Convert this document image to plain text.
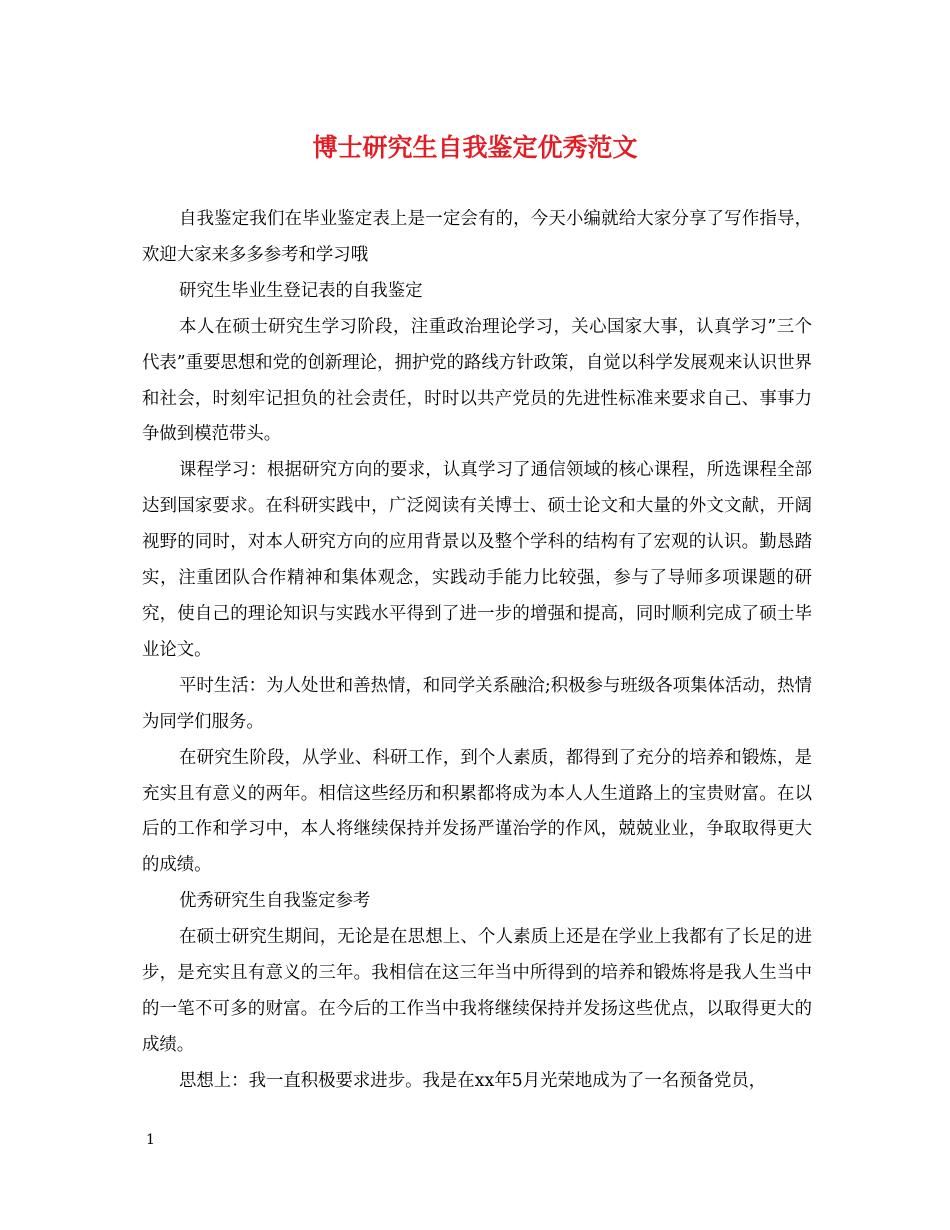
博士研究生自我鉴定优秀范文

自我鉴定我们在毕业鉴定表上是一定会有的，今天小编就给大家分享了写作指导，欢迎大家来多多参考和学习哦

研究生毕业生登记表的自我鉴定

本人在硕士研究生学习阶段，注重政治理论学习，关心国家大事，认真学习”三个代表”重要思想和党的创新理论，拥护党的路线方针政策，自觉以科学发展观来认识世界和社会，时刻牢记担负的社会责任，时时以共产党员的先进性标准来要求自己、事事力争做到模范带头。

课程学习：根据研究方向的要求，认真学习了通信领域的核心课程，所选课程全部达到国家要求。在科研实践中，广泛阅读有关博士、硕士论文和大量的外文文献，开阔视野的同时，对本人研究方向的应用背景以及整个学科的结构有了宏观的认识。勤恳踏实，注重团队合作精神和集体观念，实践动手能力比较强，参与了导师多项课题的研究，使自己的理论知识与实践水平得到了进一步的增强和提高，同时顺利完成了硕士毕业论文。

平时生活：为人处世和善热情，和同学关系融洽;积极参与班级各项集体活动，热情为同学们服务。

在研究生阶段，从学业、科研工作，到个人素质，都得到了充分的培养和锻炼，是充实且有意义的两年。相信这些经历和积累都将成为本人人生道路上的宝贵财富。在以后的工作和学习中，本人将继续保持并发扬严谨治学的作风，兢兢业业，争取取得更大的成绩。

优秀研究生自我鉴定参考

在硕士研究生期间，无论是在思想上、个人素质上还是在学业上我都有了长足的进步，是充实且有意义的三年。我相信在这三年当中所得到的培养和锻炼将是我人生当中的一笔不可多的财富。在今后的工作当中我将继续保持并发扬这些优点，以取得更大的成绩。

思想上：我一直积极要求进步。我是在xx年5月光荣地成为了一名预备党员，

1
